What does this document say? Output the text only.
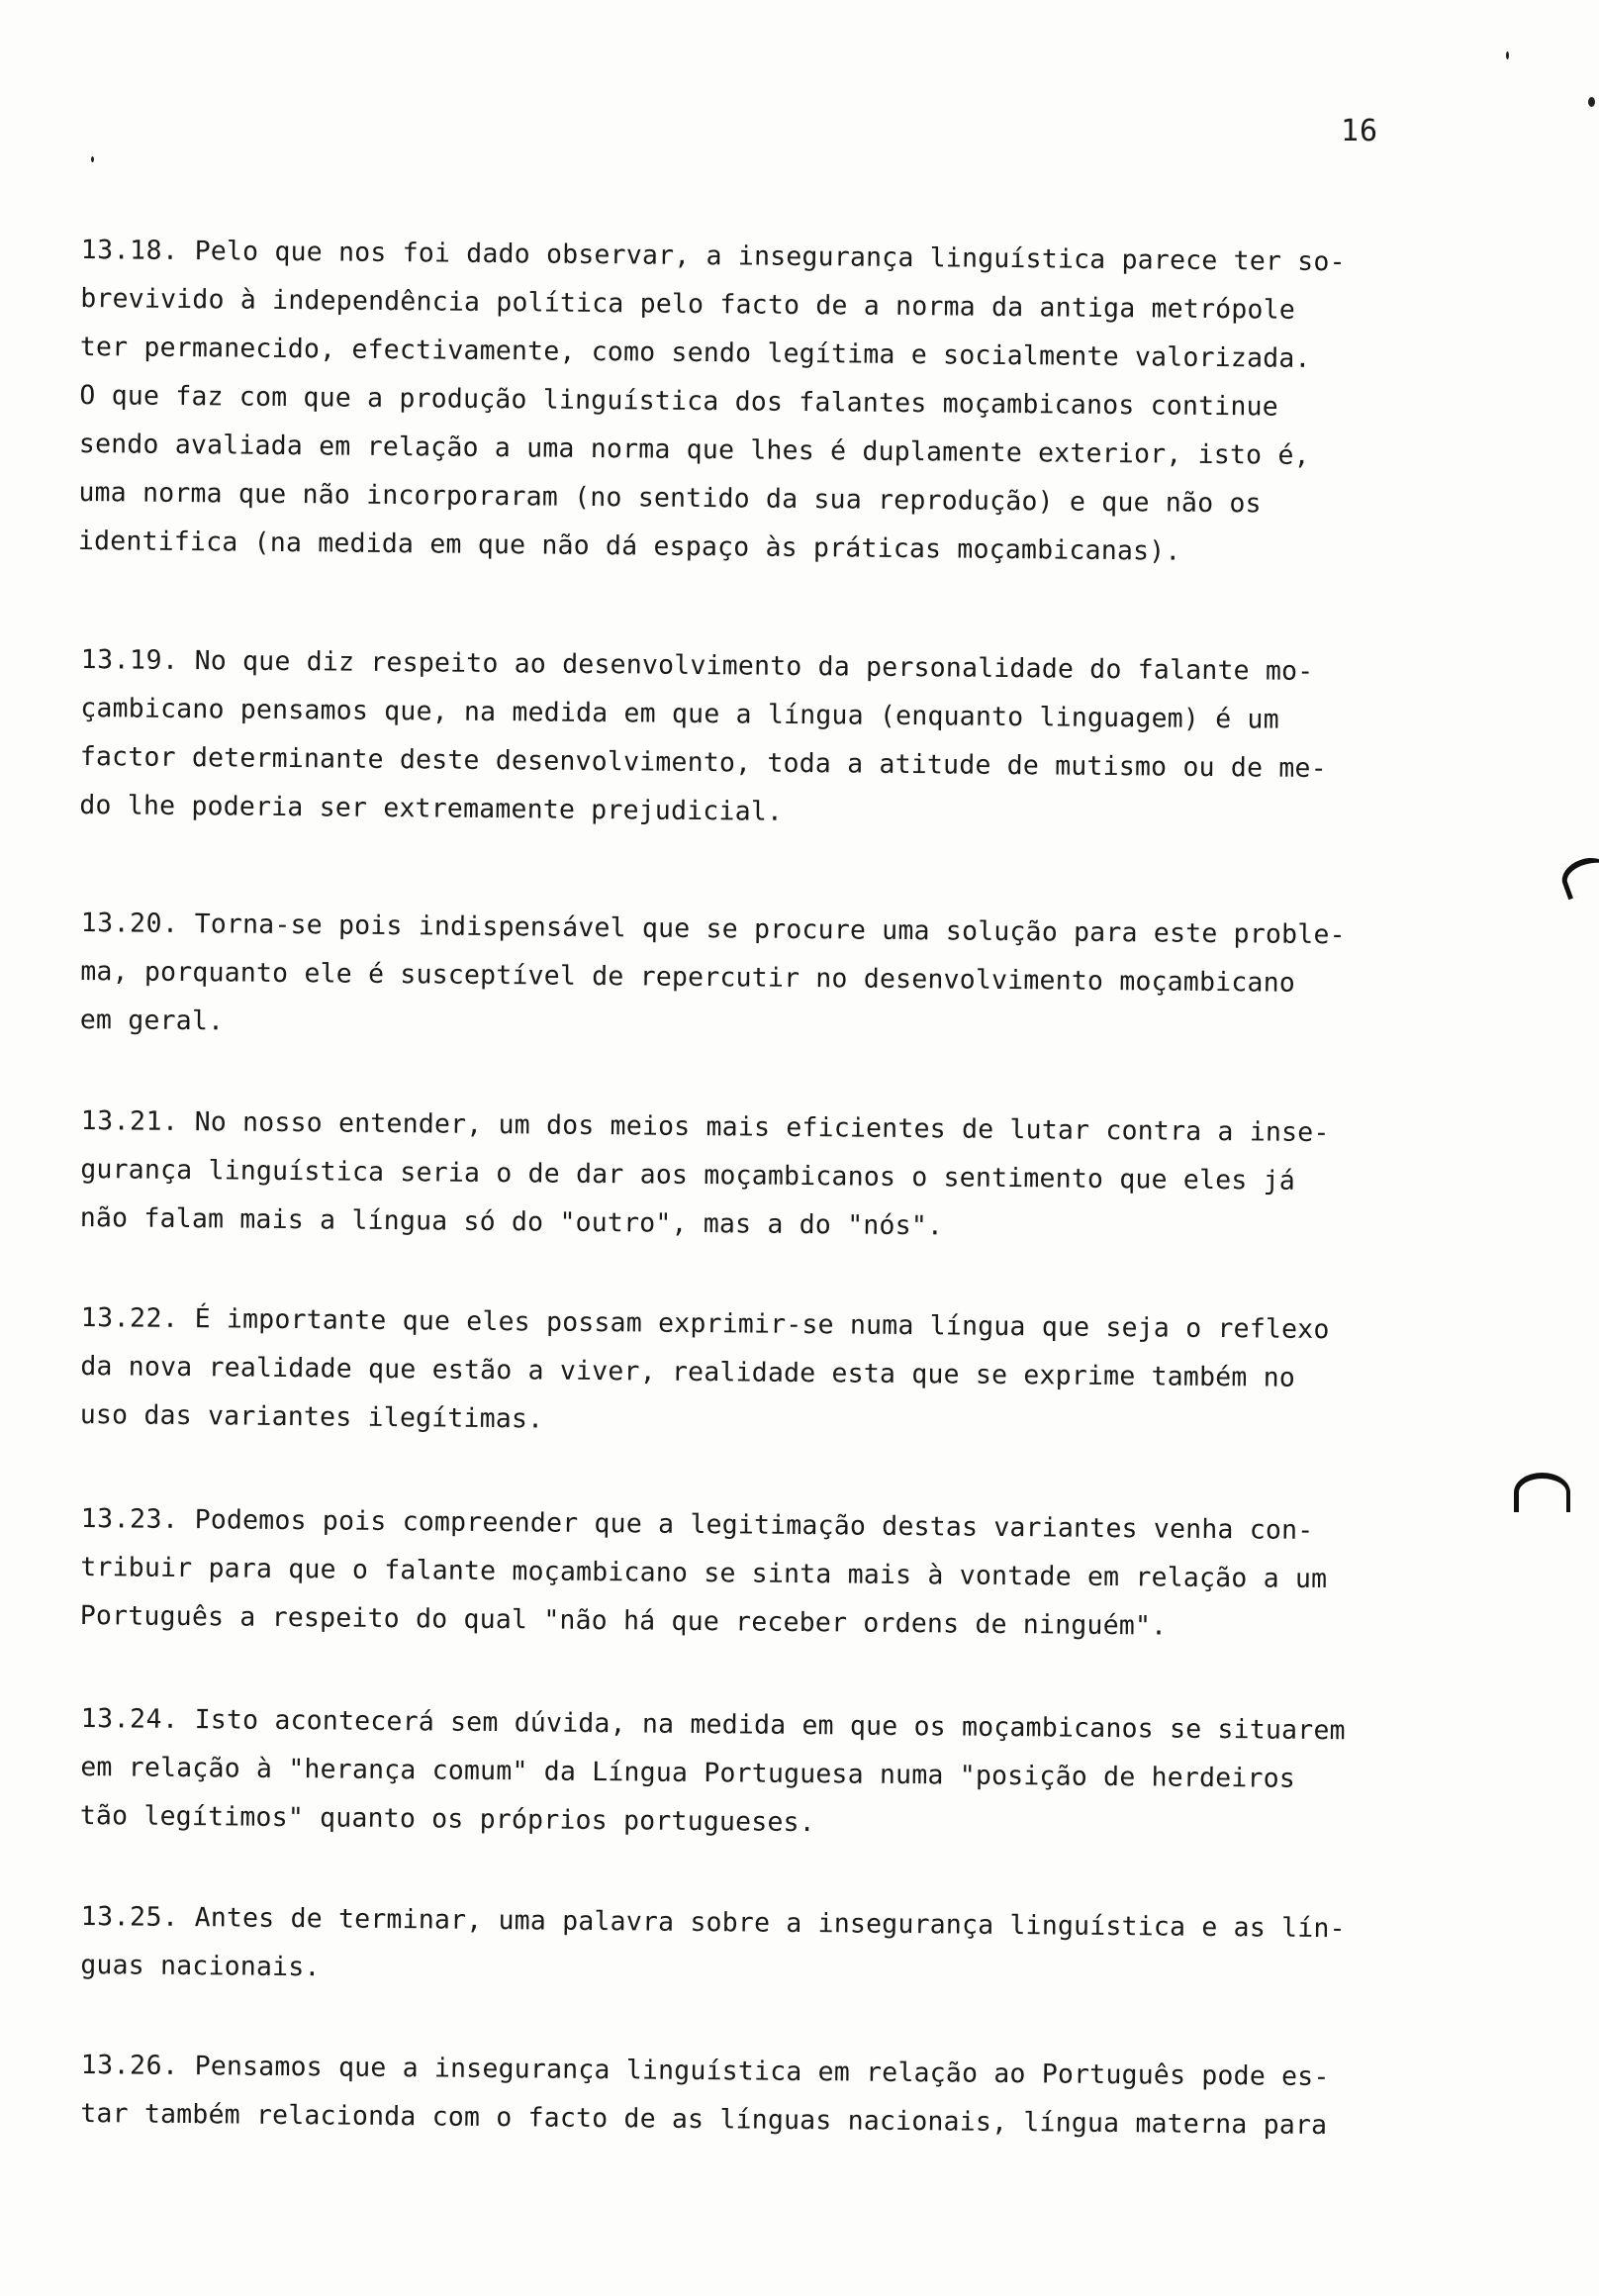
16
13.18. Pelo que nos foi dado observar, a insegurança linguística parece ter so-
brevivido à independência política pelo facto de a norma da antiga metrópole
ter permanecido, efectivamente, como sendo legítima e socialmente valorizada.
O que faz com que a produção linguística dos falantes moçambicanos continue
sendo avaliada em relação a uma norma que lhes é duplamente exterior, isto é,
uma norma que não incorporaram (no sentido da sua reprodução) e que não os
identifica (na medida em que não dá espaço às práticas moçambicanas).
13.19. No que diz respeito ao desenvolvimento da personalidade do falante mo-
çambicano pensamos que, na medida em que a língua (enquanto linguagem) é um
factor determinante deste desenvolvimento, toda a atitude de mutismo ou de me-
do lhe poderia ser extremamente prejudicial.
13.20. Torna-se pois indispensável que se procure uma solução para este proble-
ma, porquanto ele é susceptível de repercutir no desenvolvimento moçambicano
em geral.
13.21. No nosso entender, um dos meios mais eficientes de lutar contra a inse-
gurança linguística seria o de dar aos moçambicanos o sentimento que eles já
não falam mais a língua só do "outro", mas a do "nós".
13.22. É importante que eles possam exprimir-se numa língua que seja o reflexo
da nova realidade que estão a viver, realidade esta que se exprime também no
uso das variantes ilegítimas.
13.23. Podemos pois compreender que a legitimação destas variantes venha con-
tribuir para que o falante moçambicano se sinta mais à vontade em relação a um
Português a respeito do qual "não há que receber ordens de ninguém".
13.24. Isto acontecerá sem dúvida, na medida em que os moçambicanos se situarem
em relação à "herança comum" da Língua Portuguesa numa "posição de herdeiros
tão legítimos" quanto os próprios portugueses.
13.25. Antes de terminar, uma palavra sobre a insegurança linguística e as lín-
guas nacionais.
13.26. Pensamos que a insegurança linguística em relação ao Português pode es-
tar também relacionda com o facto de as línguas nacionais, língua materna para
